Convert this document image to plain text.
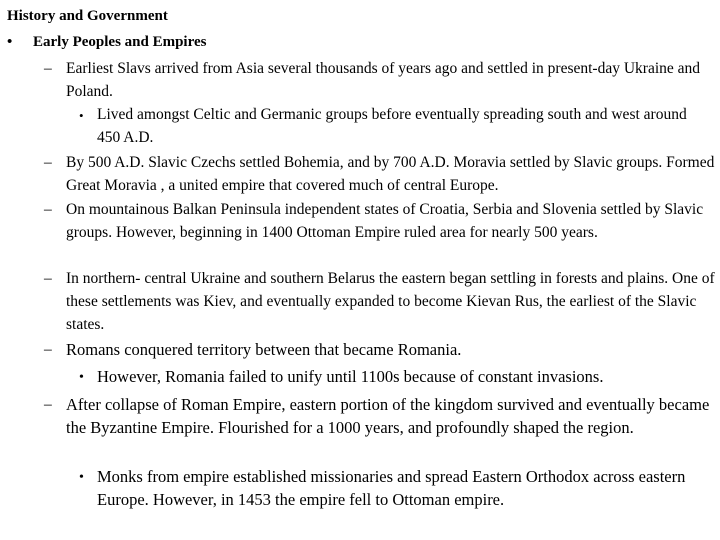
History and Government
• Early Peoples and Empires
– Earliest Slavs arrived from Asia several thousands of years ago and settled in present-day Ukraine and Poland.
• Lived amongst Celtic and Germanic groups before eventually spreading south and west around 450 A.D.
– By 500 A.D. Slavic Czechs settled Bohemia, and by 700 A.D. Moravia settled by Slavic groups. Formed Great Moravia , a united empire that covered much of central Europe.
– On mountainous Balkan Peninsula independent states of Croatia, Serbia and Slovenia settled by Slavic groups. However, beginning in 1400 Ottoman Empire ruled area for nearly 500 years.
– In northern- central Ukraine and southern Belarus the eastern began settling in forests and plains. One of these settlements was Kiev, and eventually expanded to become Kievan Rus, the earliest of the Slavic states.
– Romans conquered territory between that became Romania.
• However, Romania failed to unify until 1100s because of constant invasions.
– After collapse of Roman Empire, eastern portion of the kingdom survived and eventually became the Byzantine Empire. Flourished for a 1000 years, and profoundly shaped the region.
• Monks from empire established missionaries and spread Eastern Orthodox across eastern Europe. However, in 1453 the empire fell to Ottoman empire.
